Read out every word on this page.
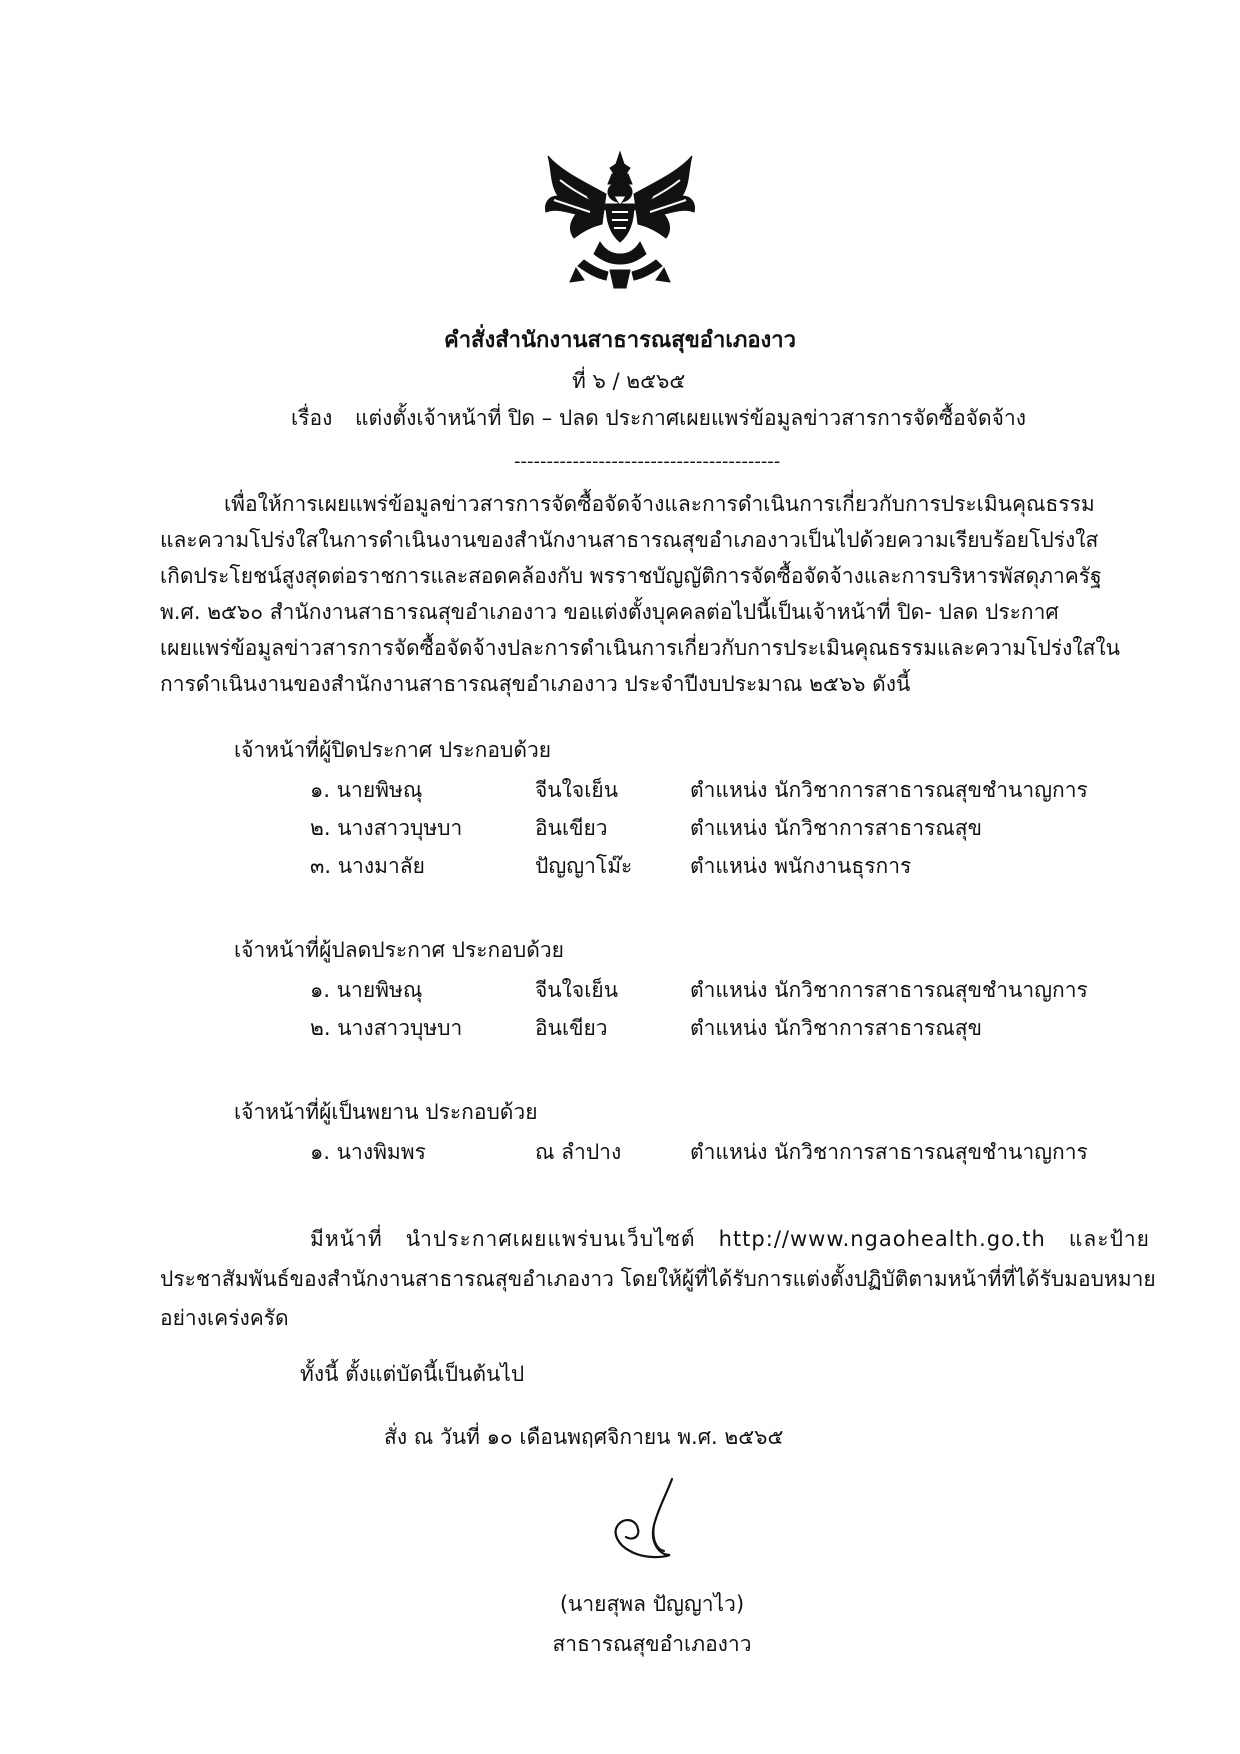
คำสั่งสำนักงานสาธารณสุขอำเภองาว
ที่ ๖ / ๒๕๖๕
เรื่อง แต่งตั้งเจ้าหน้าที่ ปิด – ปลด ประกาศเผยแพร่ข้อมูลข่าวสารการจัดซื้อจัดจ้าง
-----------------------------------------
เพื่อให้การเผยแพร่ข้อมูลข่าวสารการจัดซื้อจัดจ้างและการดำเนินการเกี่ยวกับการประเมินคุณธรรม
และความโปร่งใสในการดำเนินงานของสำนักงานสาธารณสุขอำเภองาวเป็นไปด้วยความเรียบร้อยโปร่งใส
เกิดประโยชน์สูงสุดต่อราชการและสอดคล้องกับ พรราชบัญญัติการจัดซื้อจัดจ้างและการบริหารพัสดุภาครัฐ
พ.ศ. ๒๕๖๐ สำนักงานสาธารณสุขอำเภองาว ขอแต่งตั้งบุคคลต่อไปนี้เป็นเจ้าหน้าที่ ปิด- ปลด ประกาศ
เผยแพร่ข้อมูลข่าวสารการจัดซื้อจัดจ้างปละการดำเนินการเกี่ยวกับการประเมินคุณธรรมและความโปร่งใสใน
การดำเนินงานของสำนักงานสาธารณสุขอำเภองาว ประจำปีงบประมาณ ๒๕๖๖ ดังนี้
เจ้าหน้าที่ผู้ปิดประกาศ ประกอบด้วย
๑. นายพิษณุ	จีนใจเย็น	ตำแหน่ง นักวิชาการสาธารณสุขชำนาญการ
๒. นางสาวบุษบา	อินเขียว	ตำแหน่ง นักวิชาการสาธารณสุข
๓. นางมาลัย	ปัญญาโม๊ะ	ตำแหน่ง พนักงานธุรการ
เจ้าหน้าที่ผู้ปลดประกาศ ประกอบด้วย
๑. นายพิษณุ	จีนใจเย็น	ตำแหน่ง นักวิชาการสาธารณสุขชำนาญการ
๒. นางสาวบุษบา	อินเขียว	ตำแหน่ง นักวิชาการสาธารณสุข
เจ้าหน้าที่ผู้เป็นพยาน ประกอบด้วย
๑. นางพิมพร	ณ ลำปาง	ตำแหน่ง นักวิชาการสาธารณสุขชำนาญการ
มีหน้าที่ นำประกาศเผยแพร่บนเว็บไซต์ http://www.ngaohealth.go.th และป้าย
ประชาสัมพันธ์ของสำนักงานสาธารณสุขอำเภองาว โดยให้ผู้ที่ได้รับการแต่งตั้งปฏิบัติตามหน้าที่ที่ได้รับมอบหมาย
อย่างเคร่งครัด
ทั้งนี้ ตั้งแต่บัดนี้เป็นต้นไป
สั่ง ณ วันที่ ๑๐ เดือนพฤศจิกายน พ.ศ. ๒๕๖๕
(นายสุพล ปัญญาไว)
สาธารณสุขอำเภองาว
